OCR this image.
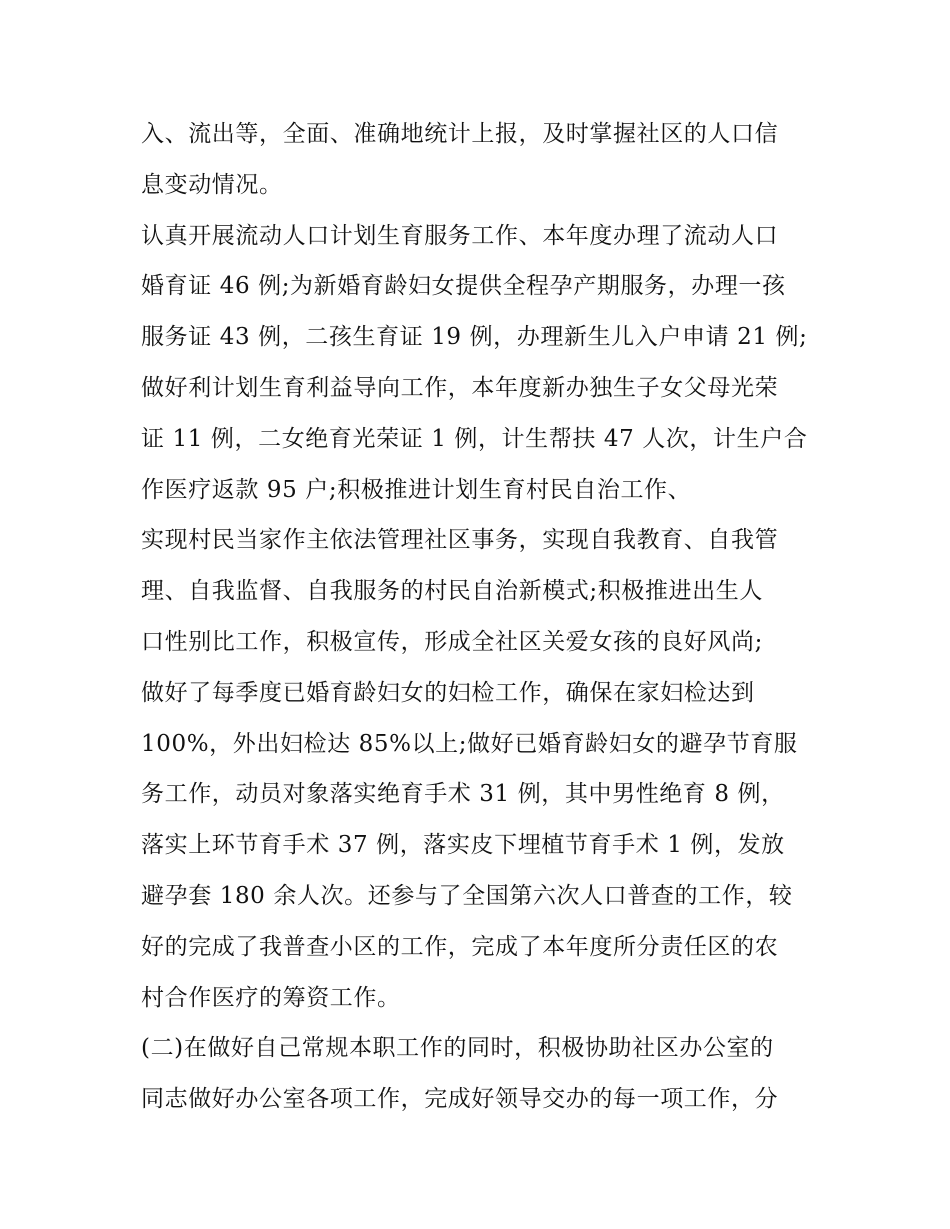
入、流出等，全面、准确地统计上报，及时掌握社区的人口信
息变动情况。
认真开展流动人口计划生育服务工作、本年度办理了流动人口
婚育证 46 例;为新婚育龄妇女提供全程孕产期服务，办理一孩
服务证 43 例，二孩生育证 19 例，办理新生儿入户申请 21 例;
做好利计划生育利益导向工作，本年度新办独生子女父母光荣
证 11 例，二女绝育光荣证 1 例，计生帮扶 47 人次，计生户合
作医疗返款 95 户;积极推进计划生育村民自治工作、
实现村民当家作主依法管理社区事务，实现自我教育、自我管
理、自我监督、自我服务的村民自治新模式;积极推进出生人
口性别比工作，积极宣传，形成全社区关爱女孩的良好风尚;
做好了每季度已婚育龄妇女的妇检工作，确保在家妇检达到
100%，外出妇检达 85%以上;做好已婚育龄妇女的避孕节育服
务工作，动员对象落实绝育手术 31 例，其中男性绝育 8 例，
落实上环节育手术 37 例，落实皮下埋植节育手术 1 例，发放
避孕套 180 余人次。还参与了全国第六次人口普查的工作，较
好的完成了我普查小区的工作，完成了本年度所分责任区的农
村合作医疗的筹资工作。
(二)在做好自己常规本职工作的同时，积极协助社区办公室的
同志做好办公室各项工作，完成好领导交办的每一项工作，分
